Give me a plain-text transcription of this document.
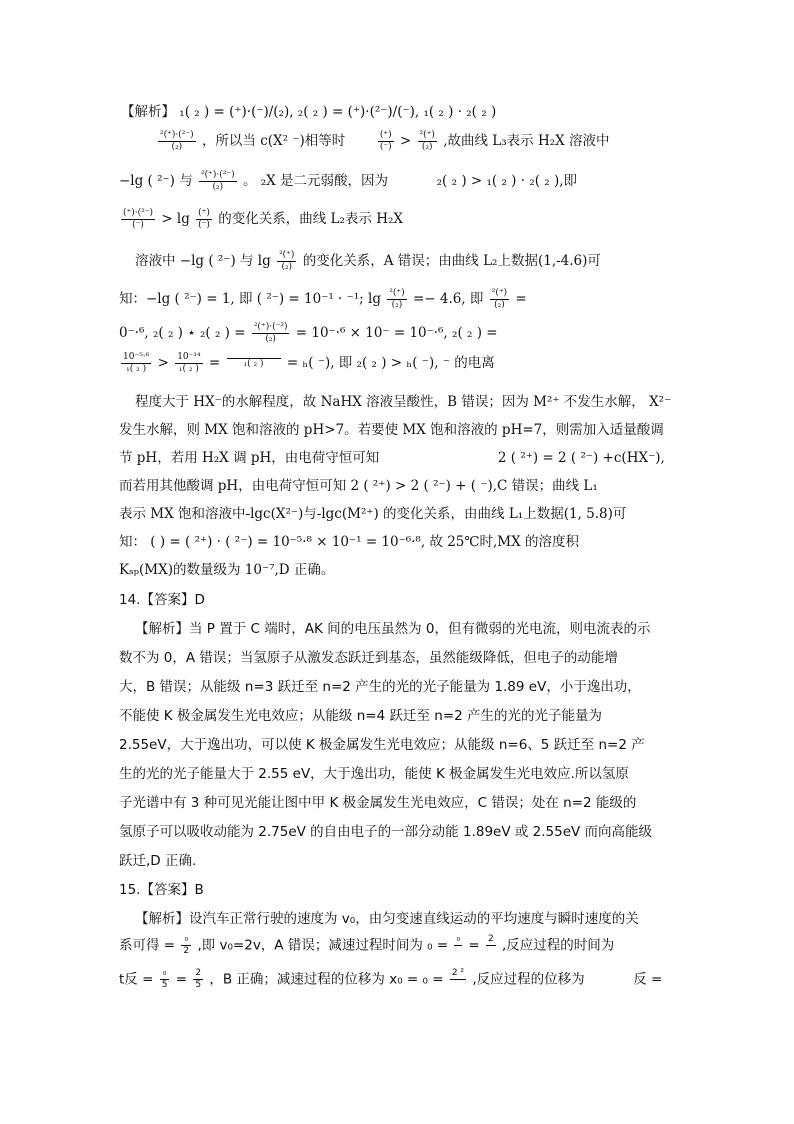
【解析】 ₁( ₂ ) = (⁺)·(⁻)/(₂), ₂( ₂ ) = (⁺)·(²⁻)/(⁻), ₁( ₂ ) · ₂( ₂ )
$\frac{\text{²(⁺)·(²⁻)}}{\text{(₂)}}$ ，所以当 c(X² ⁻)相等时	$\frac{(^+)}{(^-)} > \frac{\text{²(⁺)}}{\text{(₂)}}$ ,故曲线 L₃表示 H₂X 溶液中
−lg ( ²⁻) 与 $\frac{\text{²(⁺)·(²⁻)}}{\text{(₂)}}$ 。 ₂X 是二元弱酸，因为	₂( ₂ ) > ₁( ₂ ) · ₂( ₂ ),即
$\frac{\text{(⁺)·(²⁻)}}{(^-)} > \lg \frac{(^+)}{(^-)}$ 的变化关系，曲线 L₂表示 H₂X
溶液中 −lg ( ²⁻) 与 $\lg \frac{\text{²(⁺)}}{\text{(₂)}}$ 的变化关系，A 错误；由曲线 L₂上数据(1,-4.6)可
知：−lg ( ²⁻) = 1, 即 ( ²⁻) = 10⁻¹ · ⁻¹; $\lg \frac{\text{²(⁺)}}{\text{(₂)}} =- 4.6$, 即 $\frac{\text{²(⁺)}}{\text{(₂)}}$ =
0⁻·⁶, ₂( ₂ ) ⋆ ₂( ₂ ) = $\frac{\text{²(⁺)·(⁻²)}}{\text{(₂)}} = 10^-\cdot^6 \times 10^- = 10^-\cdot^6$, ₂( ₂ ) =
$\frac{\text{10⁻⁵·⁶}}{\text{₁( ₂ )}} > \frac{\text{10⁻¹⁴}}{\text{₁( ₂ )}}$ =	₁( ₂ )	= ₕ( ⁻), 即 ₂( ₂ ) > ₕ( ⁻), ⁻ 的电离
程度大于 HX⁻的水解程度，故 NaHX 溶液呈酸性，B 错误；因为 M²⁺ 不发生水解， X²⁻
发生水解，则 MX 饱和溶液的 pH>7。若要使 MX 饱和溶液的 pH=7，则需加入适量酸调
节 pH，若用 H₂X 调 pH，由电荷守恒可知	2 ( ²⁺) = 2 ( ²⁻) +c(HX⁻),
而若用其他酸调 pH，由电荷守恒可知 2 ( ²⁺) > 2 ( ²⁻) + ( ⁻),C 错误；曲线 L₁
表示 MX 饱和溶液中-lgc(X²⁻)与-lgc(M²⁺) 的变化关系，由曲线 L₁上数据(1, 5.8)可
知： ( ) = ( ²⁺) · ( ²⁻) = 10⁻⁵·⁸ × 10⁻¹ = 10⁻⁶·⁸, 故 25℃时,MX 的溶度积
Kₛₚ(MX)的数量级为 10⁻⁷,D 正确。
14.【答案】D
【解析】当 P 置于 C 端时，AK 间的电压虽然为 0，但有微弱的光电流，则电流表的示
数不为 0，A 错误；当氢原子从激发态跃迁到基态，虽然能级降低，但电子的动能增
大，B 错误；从能级 n=3 跃迁至 n=2 产生的光的光子能量为 1.89 eV，小于逸出功，
不能使 K 极金属发生光电效应；从能级 n=4 跃迁至 n=2 产生的光的光子能量为
2.55eV，大于逸出功，可以使 K 极金属发生光电效应；从能级 n=6、5 跃迁至 n=2 产
生的光的光子能量大于 2.55 eV，大于逸出功，能使 K 极金属发生光电效应.所以氢原
子光谱中有 3 种可见光能让图中甲 K 极金属发生光电效应，C 错误；处在 n=2 能级的
氢原子可以吸收动能为 2.75eV 的自由电子的一部分动能 1.89eV 或 2.55eV 而向高能级
跃迁,D 正确.
15.【答案】B
【解析】设汽车正常行驶的速度为 v₀，由匀变速直线运动的平均速度与瞬时速度的关
系可得 = $\frac{\text{₀}}{2}$ ,即 v₀=2v，A 错误；减速过程时间为 ₀ = ₀ = 2 ,反应过程的时间为
t反 = $\frac{\text{₀}}{5} = \frac{2}{5}$ ，B 正确；减速过程的位移为 x₀ = ₀ = 2 ² ,反应过程的位移为	反 =
